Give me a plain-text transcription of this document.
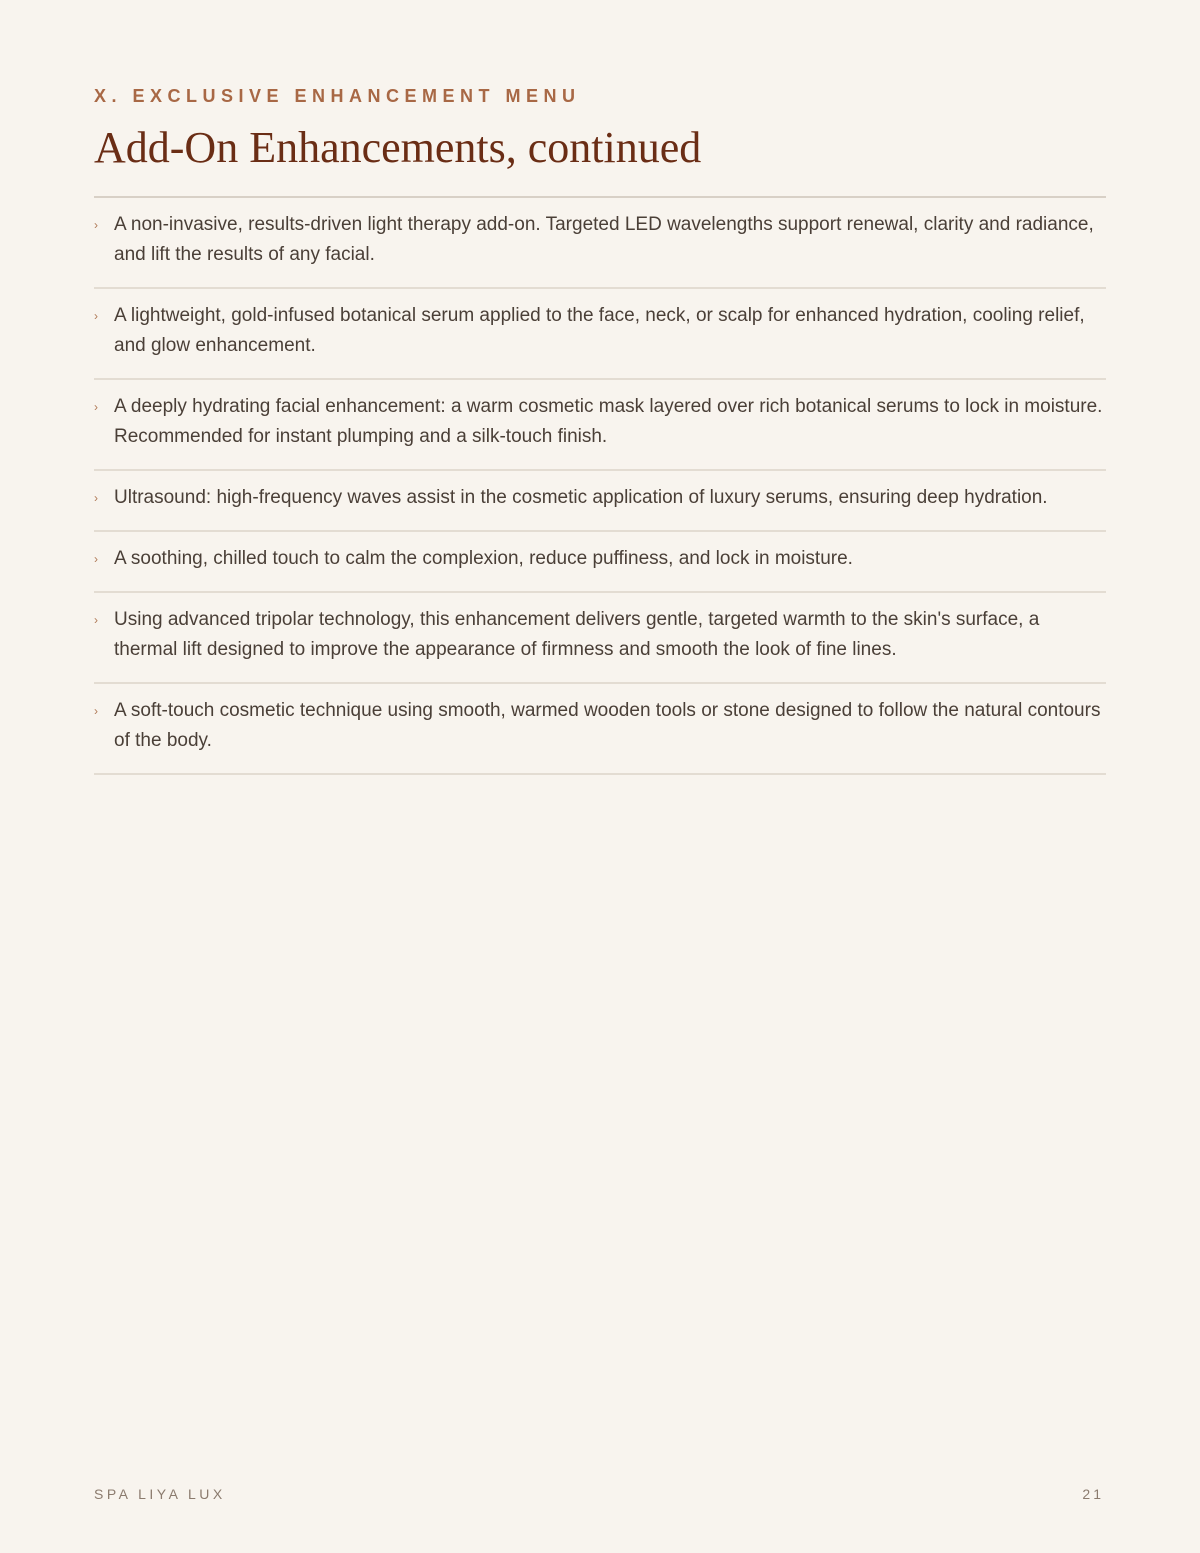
X. EXCLUSIVE ENHANCEMENT MENU
Add-On Enhancements, continued
› A non-invasive, results-driven light therapy add-on. Targeted LED wavelengths support renewal, clarity and radiance, and lift the results of any facial.
› A lightweight, gold-infused botanical serum applied to the face, neck, or scalp for enhanced hydration, cooling relief, and glow enhancement.
› A deeply hydrating facial enhancement: a warm cosmetic mask layered over rich botanical serums to lock in moisture. Recommended for instant plumping and a silk-touch finish.
› Ultrasound: high-frequency waves assist in the cosmetic application of luxury serums, ensuring deep hydration.
› A soothing, chilled touch to calm the complexion, reduce puffiness, and lock in moisture.
› Using advanced tripolar technology, this enhancement delivers gentle, targeted warmth to the skin's surface, a thermal lift designed to improve the appearance of firmness and smooth the look of fine lines.
› A soft-touch cosmetic technique using smooth, warmed wooden tools or stone designed to follow the natural contours of the body.
SPA LIYA LUX	21
